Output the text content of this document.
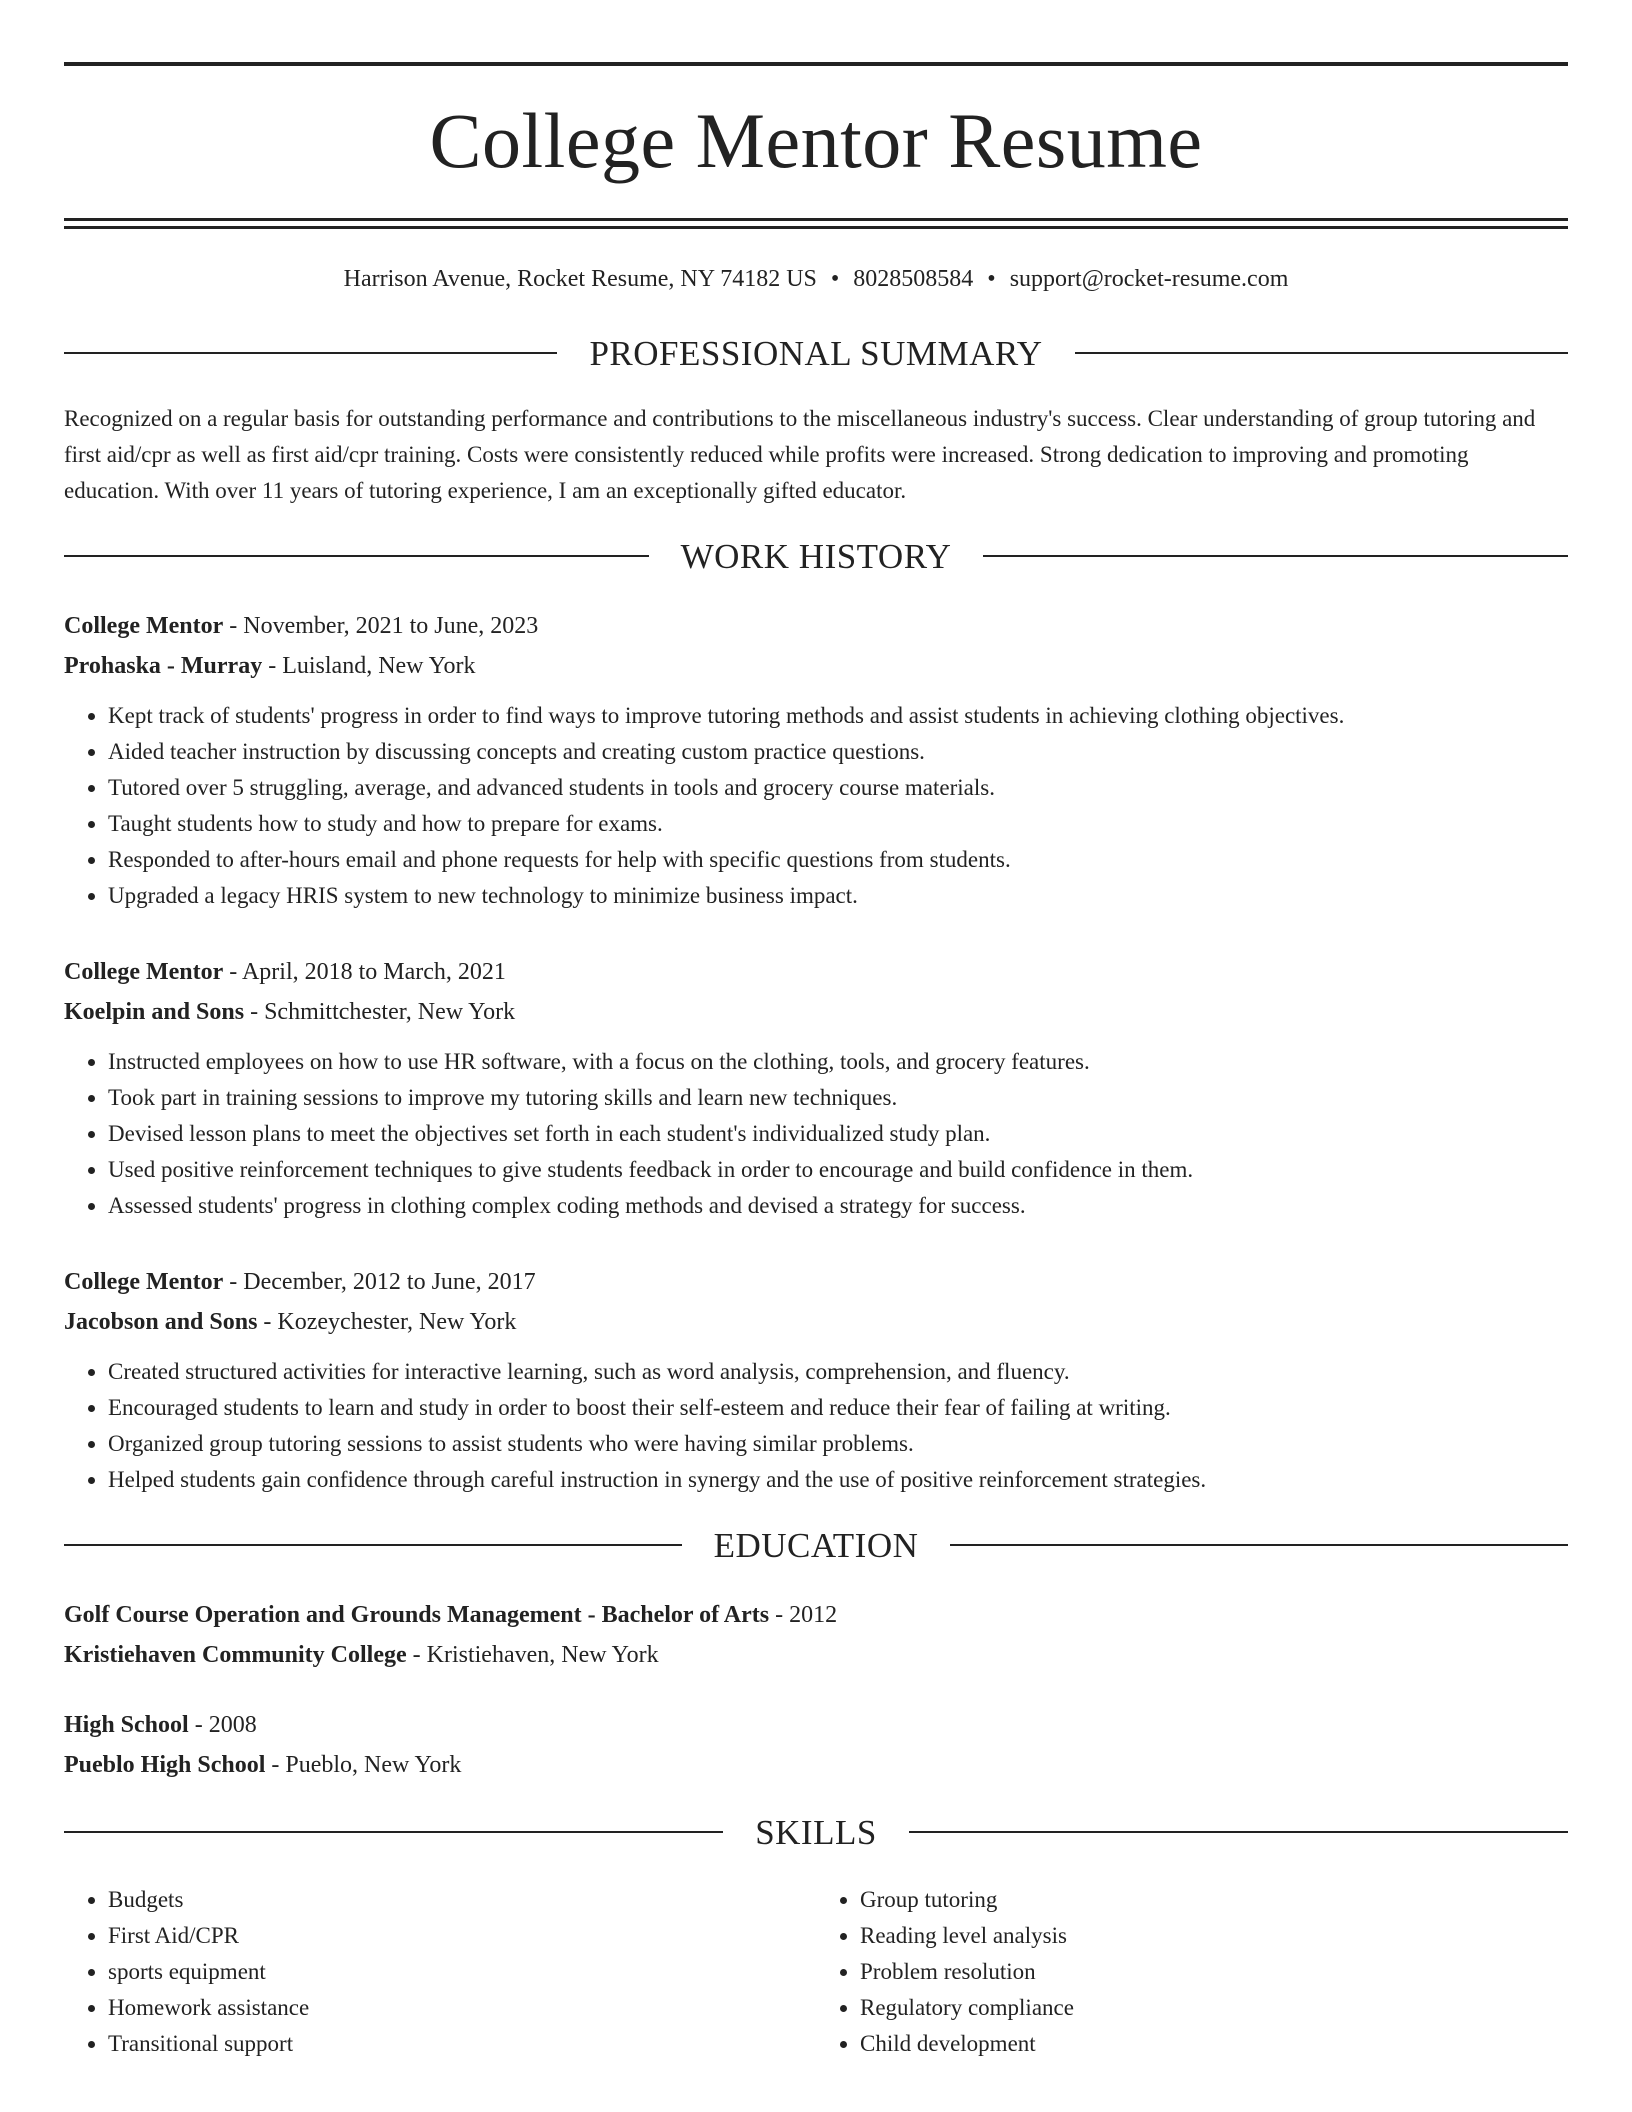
College Mentor Resume
Harrison Avenue, Rocket Resume, NY 74182 US • 8028508584 • support@rocket-resume.com
PROFESSIONAL SUMMARY
Recognized on a regular basis for outstanding performance and contributions to the miscellaneous industry's success. Clear understanding of group tutoring and first aid/cpr as well as first aid/cpr training. Costs were consistently reduced while profits were increased. Strong dedication to improving and promoting education. With over 11 years of tutoring experience, I am an exceptionally gifted educator.
WORK HISTORY
College Mentor - November, 2021 to June, 2023
Prohaska - Murray - Luisland, New York
• Kept track of students' progress in order to find ways to improve tutoring methods and assist students in achieving clothing objectives.
• Aided teacher instruction by discussing concepts and creating custom practice questions.
• Tutored over 5 struggling, average, and advanced students in tools and grocery course materials.
• Taught students how to study and how to prepare for exams.
• Responded to after-hours email and phone requests for help with specific questions from students.
• Upgraded a legacy HRIS system to new technology to minimize business impact.
College Mentor - April, 2018 to March, 2021
Koelpin and Sons - Schmittchester, New York
• Instructed employees on how to use HR software, with a focus on the clothing, tools, and grocery features.
• Took part in training sessions to improve my tutoring skills and learn new techniques.
• Devised lesson plans to meet the objectives set forth in each student's individualized study plan.
• Used positive reinforcement techniques to give students feedback in order to encourage and build confidence in them.
• Assessed students' progress in clothing complex coding methods and devised a strategy for success.
College Mentor - December, 2012 to June, 2017
Jacobson and Sons - Kozeychester, New York
• Created structured activities for interactive learning, such as word analysis, comprehension, and fluency.
• Encouraged students to learn and study in order to boost their self-esteem and reduce their fear of failing at writing.
• Organized group tutoring sessions to assist students who were having similar problems.
• Helped students gain confidence through careful instruction in synergy and the use of positive reinforcement strategies.
EDUCATION
Golf Course Operation and Grounds Management - Bachelor of Arts - 2012
Kristiehaven Community College - Kristiehaven, New York
High School - 2008
Pueblo High School - Pueblo, New York
SKILLS
• Budgets
• First Aid/CPR
• sports equipment
• Homework assistance
• Transitional support
• Group tutoring
• Reading level analysis
• Problem resolution
• Regulatory compliance
• Child development
